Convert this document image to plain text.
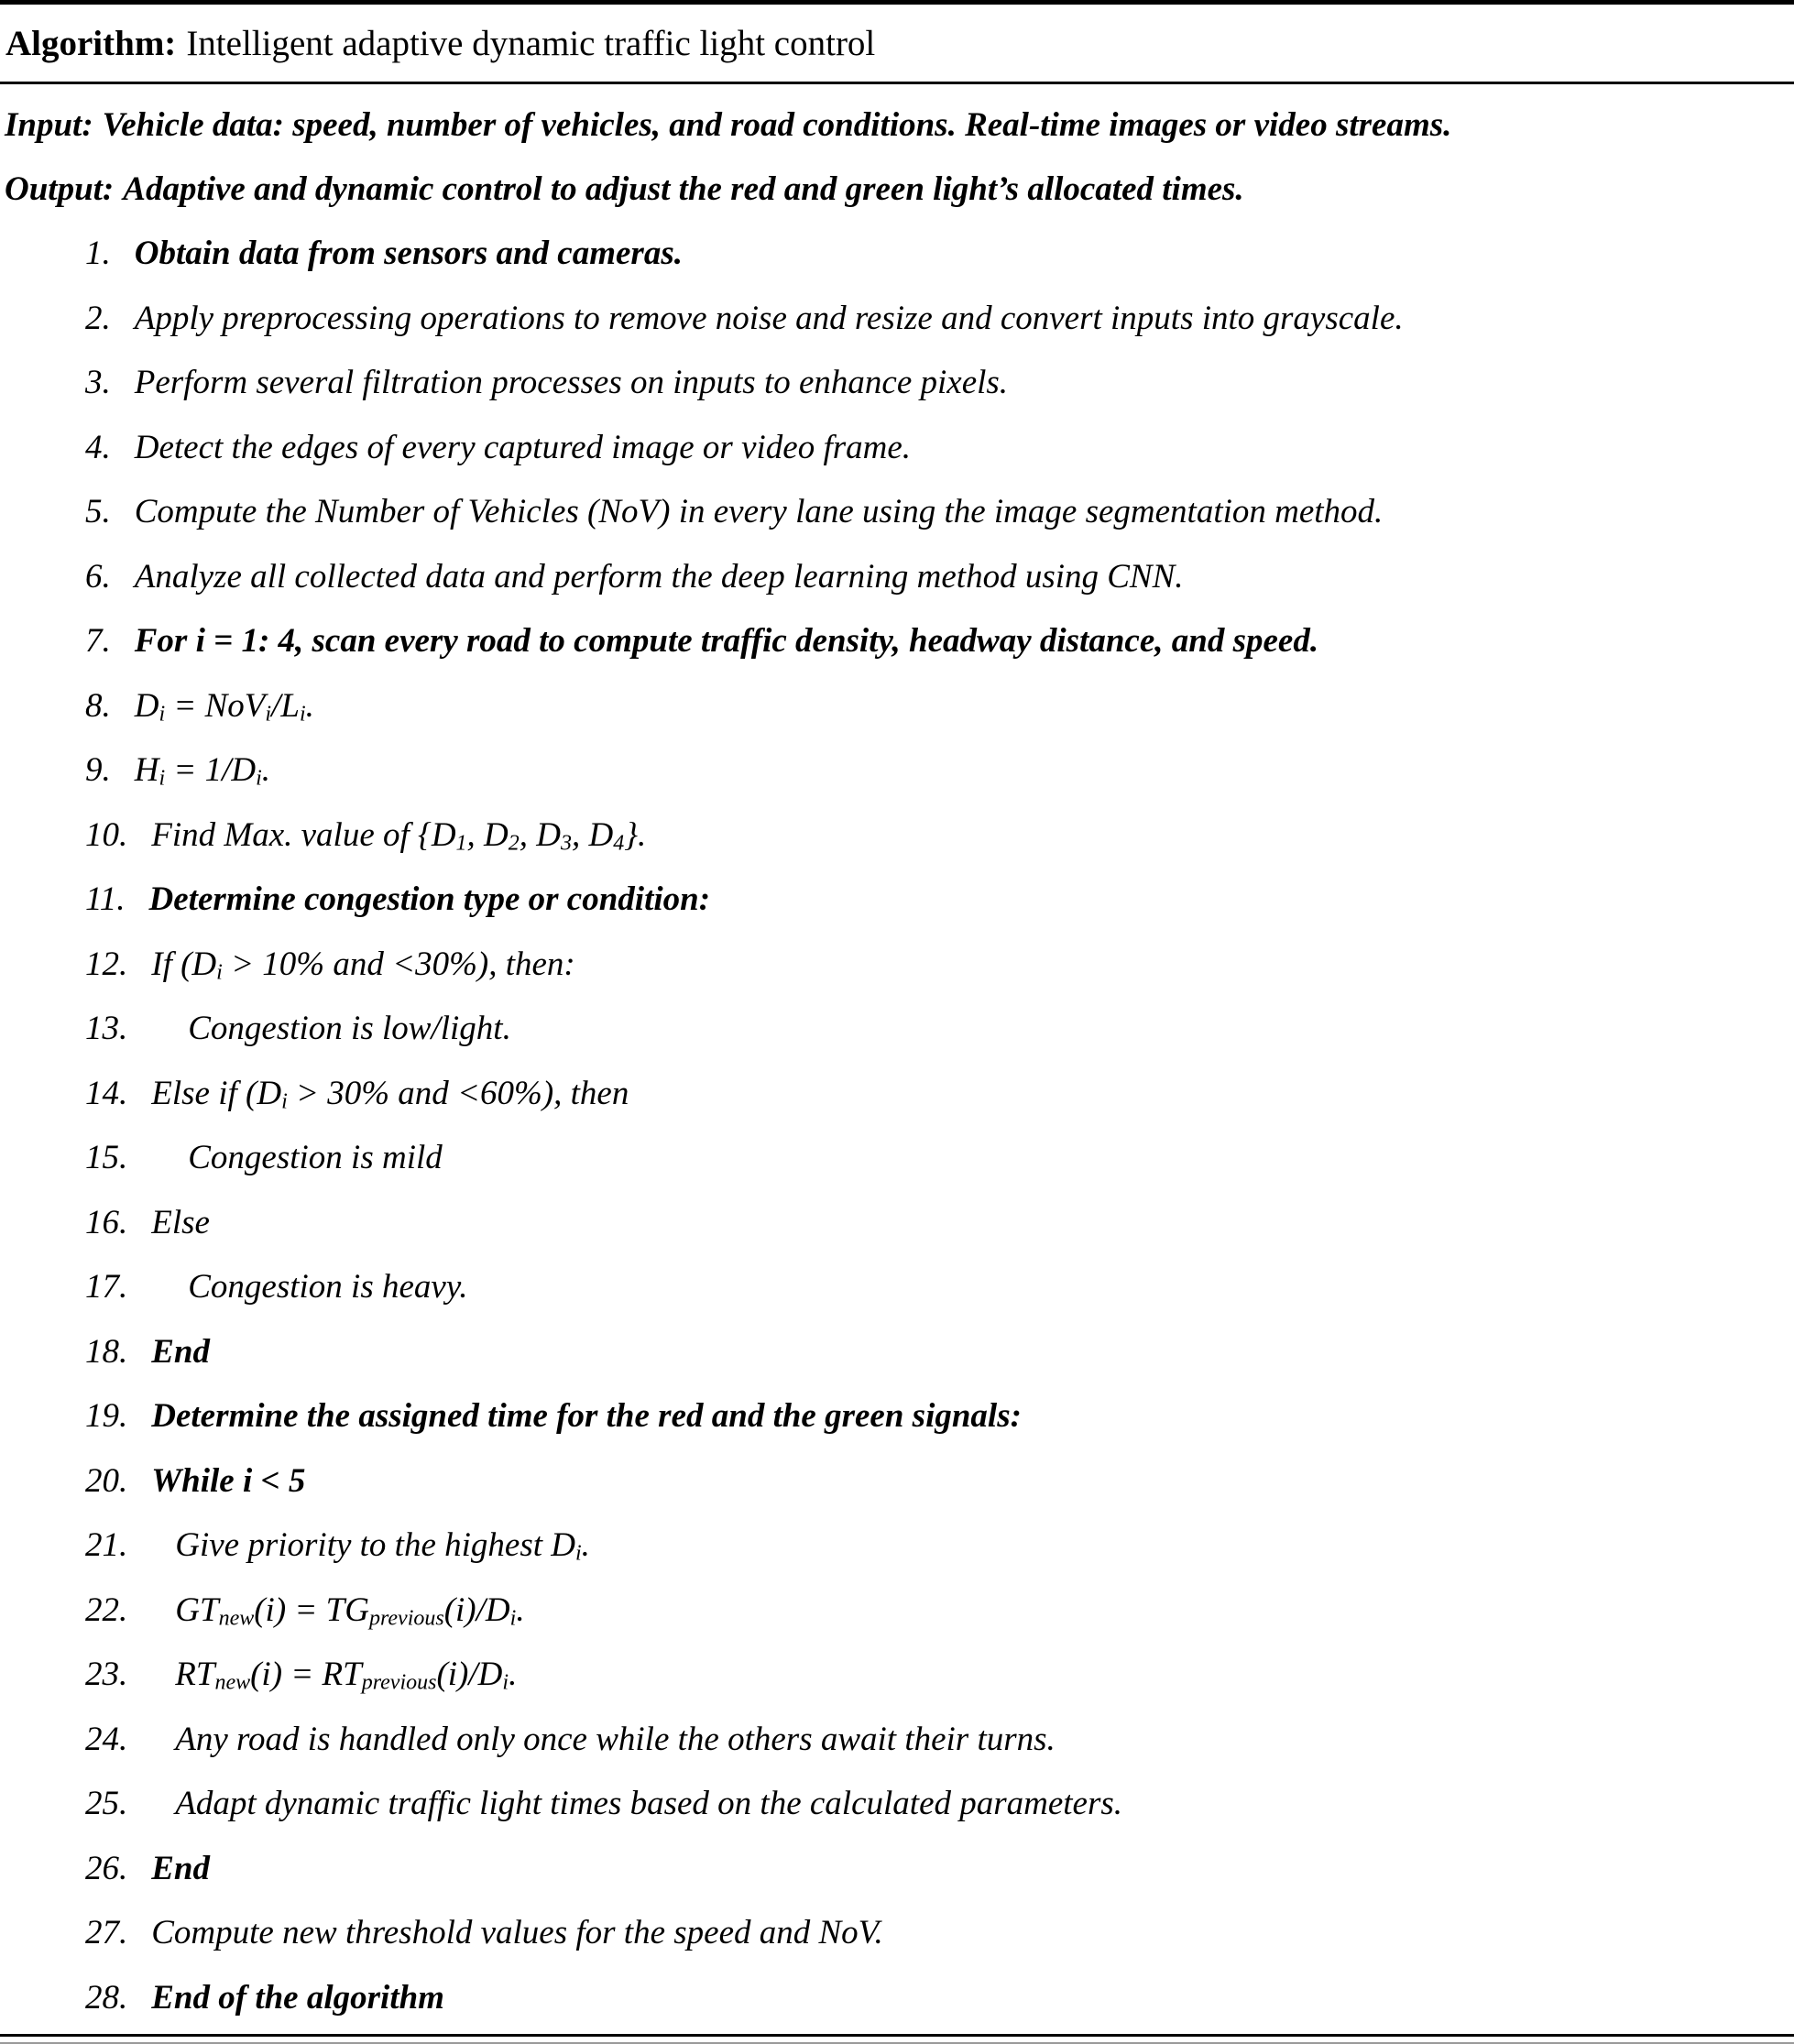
Algorithm: Intelligent adaptive dynamic traffic light control
Input: Vehicle data: speed, number of vehicles, and road conditions. Real-time images or video streams.
Output: Adaptive and dynamic control to adjust the red and green light’s allocated times.
1. Obtain data from sensors and cameras.
2. Apply preprocessing operations to remove noise and resize and convert inputs into grayscale.
3. Perform several filtration processes on inputs to enhance pixels.
4. Detect the edges of every captured image or video frame.
5. Compute the Number of Vehicles (NoV) in every lane using the image segmentation method.
6. Analyze all collected data and perform the deep learning method using CNN.
7. For i = 1: 4, scan every road to compute traffic density, headway distance, and speed.
8. $D_i = NoV_i/L_i$.
9. $H_i = 1/D_i$.
10. Find Max. value of {$D_1$, $D_2$, $D_3$, $D_4$}.
11. Determine congestion type or condition:
12. If ($D_i > 10\%$ and <30%), then:
13. Congestion is low/light.
14. Else if ($D_i > 30\%$ and <60%), then
15. Congestion is mild
16. Else
17. Congestion is heavy.
18. End
19. Determine the assigned time for the red and the green signals:
20. While i < 5
21. Give priority to the highest $D_i$.
22. $GT_{new}(i) = TG_{previous}(i)/D_i$.
23. $RT_{new}(i) = RT_{previous}(i)/D_i$.
24. Any road is handled only once while the others await their turns.
25. Adapt dynamic traffic light times based on the calculated parameters.
26. End
27. Compute new threshold values for the speed and NoV.
28. End of the algorithm
